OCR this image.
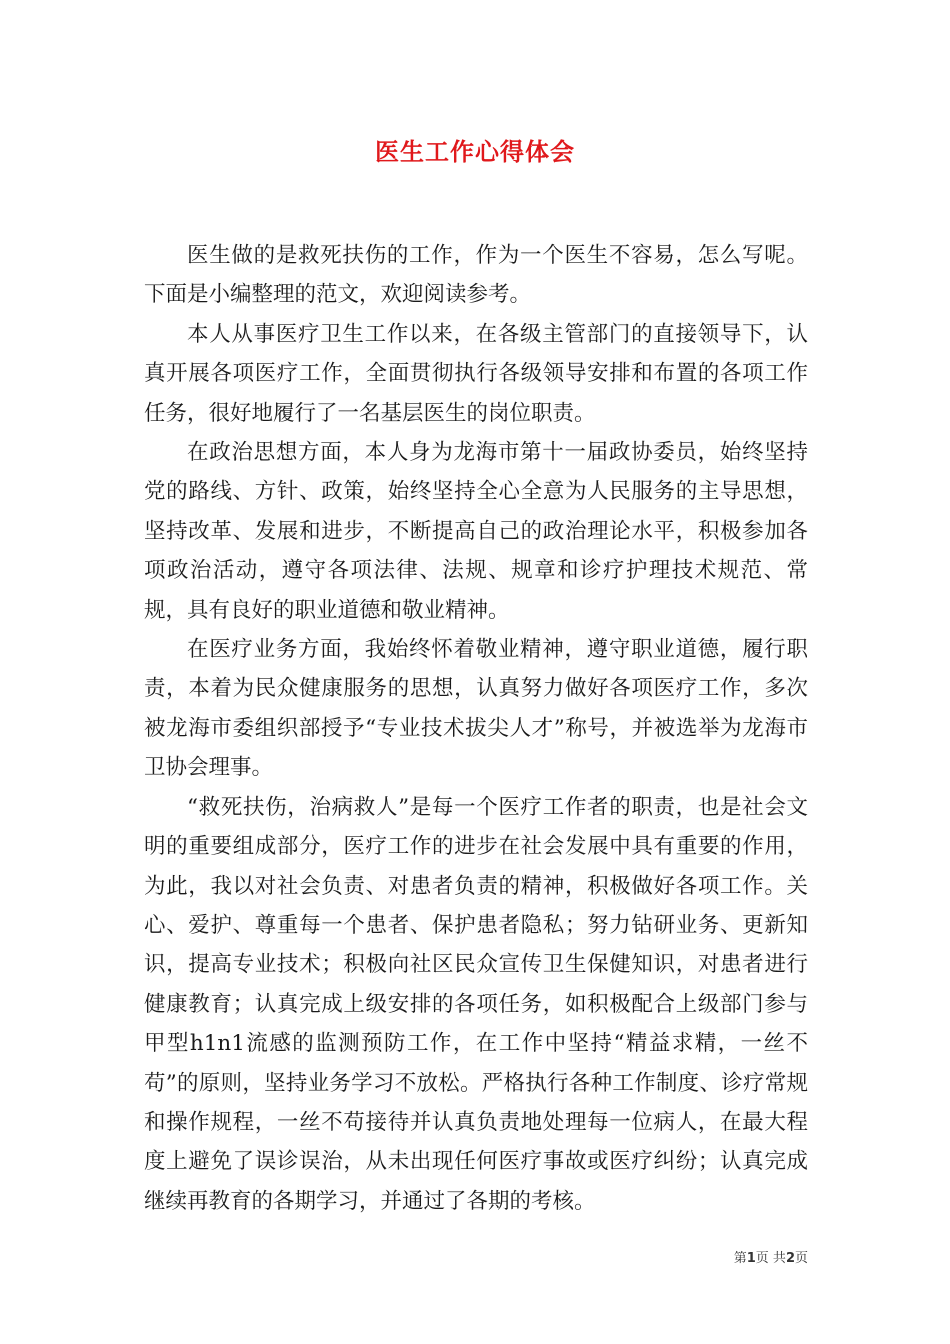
医生工作心得体会

医生做的是救死扶伤的工作，作为一个医生不容易，怎么写呢。下面是小编整理的范文，欢迎阅读参考。

本人从事医疗卫生工作以来，在各级主管部门的直接领导下，认真开展各项医疗工作，全面贯彻执行各级领导安排和布置的各项工作任务，很好地履行了一名基层医生的岗位职责。

在政治思想方面，本人身为龙海市第十一届政协委员，始终坚持党的路线、方针、政策，始终坚持全心全意为人民服务的主导思想，坚持改革、发展和进步，不断提高自己的政治理论水平，积极参加各项政治活动，遵守各项法律、法规、规章和诊疗护理技术规范、常规，具有良好的职业道德和敬业精神。

在医疗业务方面，我始终怀着敬业精神，遵守职业道德，履行职责，本着为民众健康服务的思想，认真努力做好各项医疗工作，多次被龙海市委组织部授予“专业技术拔尖人才”称号，并被选举为龙海市卫协会理事。

“救死扶伤，治病救人”是每一个医疗工作者的职责，也是社会文明的重要组成部分，医疗工作的进步在社会发展中具有重要的作用，为此，我以对社会负责、对患者负责的精神，积极做好各项工作。关心、爱护、尊重每一个患者、保护患者隐私；努力钻研业务、更新知识，提高专业技术；积极向社区民众宣传卫生保健知识，对患者进行健康教育；认真完成上级安排的各项任务，如积极配合上级部门参与甲型h1n1流感的监测预防工作，在工作中坚持“精益求精，一丝不苟”的原则，坚持业务学习不放松。严格执行各种工作制度、诊疗常规和操作规程，一丝不苟接待并认真负责地处理每一位病人，在最大程度上避免了误诊误治，从未出现任何医疗事故或医疗纠纷；认真完成继续再教育的各期学习，并通过了各期的考核。

第1页 共2页
